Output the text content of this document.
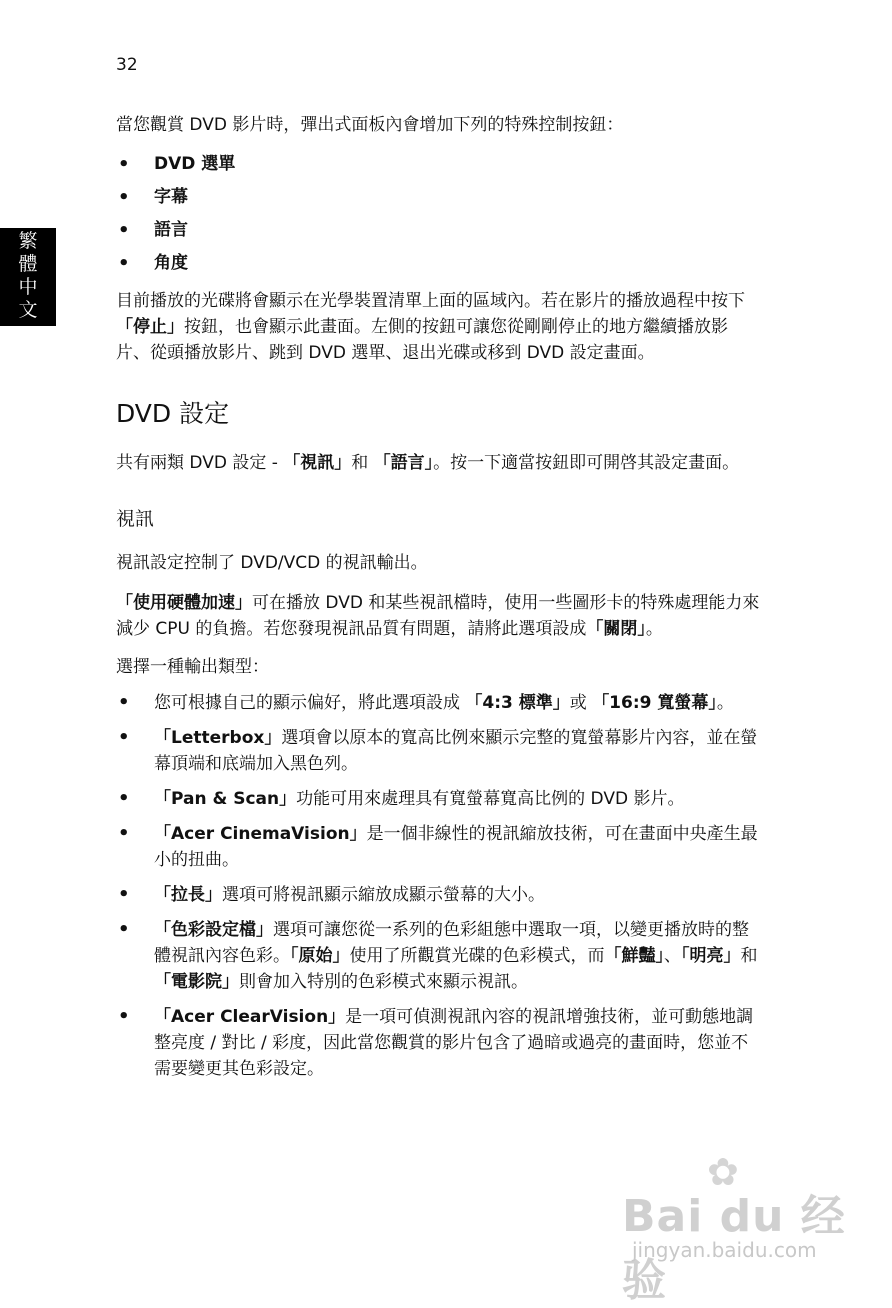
32
繁
體
中
文

當您觀賞 DVD 影片時，彈出式面板內會增加下列的特殊控制按鈕：

• DVD 選單
• 字幕
• 語言
• 角度

目前播放的光碟將會顯示在光學裝置清單上面的區域內。若在影片的播放過程中按下 「停止」按鈕，也會顯示此畫面。左側的按鈕可讓您從剛剛停止的地方繼續播放影片、從頭播放影片、跳到 DVD 選單、退出光碟或移到 DVD 設定畫面。

DVD 設定

共有兩類 DVD 設定 - 「視訊」和 「語言」。按一下適當按鈕即可開啓其設定畫面。

視訊

視訊設定控制了 DVD/VCD 的視訊輸出。

「使用硬體加速」可在播放 DVD 和某些視訊檔時，使用一些圖形卡的特殊處理能力來減少 CPU 的負擔。若您發現視訊品質有問題，請將此選項設成「關閉」。

選擇一種輸出類型：

• 您可根據自己的顯示偏好，將此選項設成 「4:3 標準」或 「16:9 寬螢幕」。
• 「Letterbox」選項會以原本的寬高比例來顯示完整的寬螢幕影片內容，並在螢幕頂端和底端加入黑色列。
• 「Pan & Scan」功能可用來處理具有寬螢幕寬高比例的 DVD 影片。
• 「Acer CinemaVision」是一個非線性的視訊縮放技術，可在畫面中央產生最小的扭曲。
• 「拉長」選項可將視訊顯示縮放成顯示螢幕的大小。
• 「色彩設定檔」選項可讓您從一系列的色彩組態中選取一項，以變更播放時的整體視訊內容色彩。「原始」使用了所觀賞光碟的色彩模式，而「鮮豔」、「明亮」和 「電影院」則會加入特別的色彩模式來顯示視訊。
• 「Acer ClearVision」是一項可偵測視訊內容的視訊增強技術，並可動態地調整亮度 / 對比 / 彩度，因此當您觀賞的影片包含了過暗或過亮的畫面時，您並不需要變更其色彩設定。
✿
Bai du 经验
jingyan.baidu.com
